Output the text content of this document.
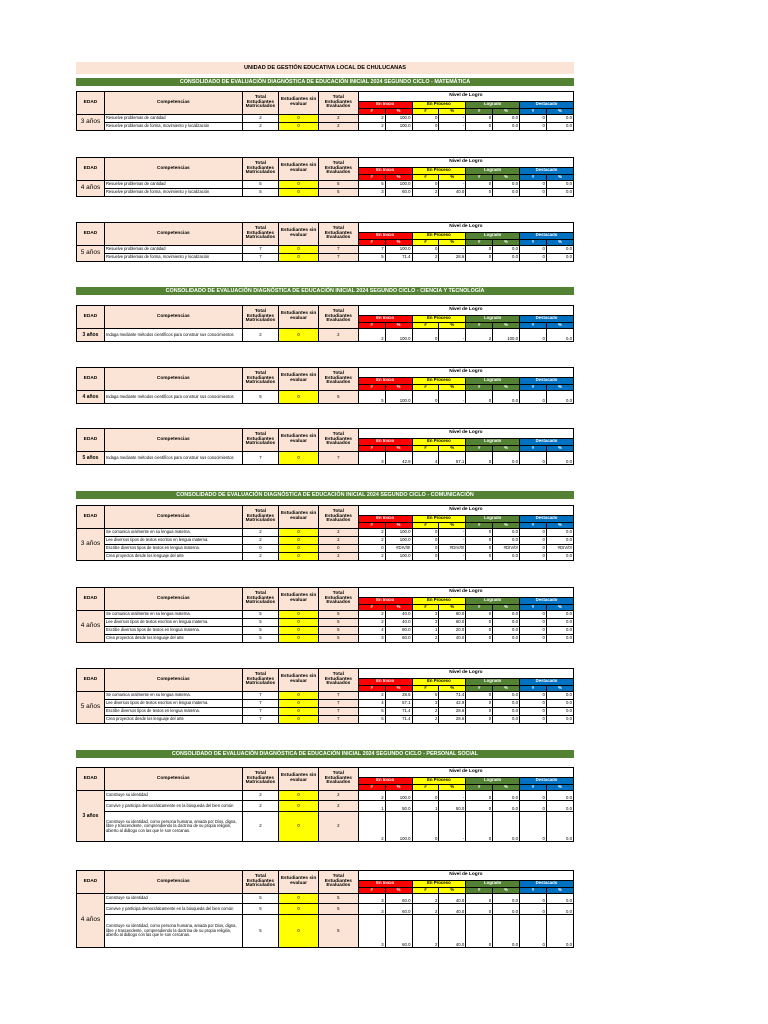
UNIDAD DE GESTIÓN EDUCATIVA LOCAL DE CHULUCANAS
CONSOLIDADO DE EVALUACIÓN DIAGNÓSTICA DE EDUCACIÓN INICIAL 2024 SEGUNDO CICLO - MATEMÁTICA
EDAD	Competencias	Total Estudiantes Matriculados	Estudiantes sin evaluar	Total Estudiantes Evaluados	Nivel de Logro							
					En Inicio		En Proceso		Logrado		Destacado	
					#	%	#	%	#	%	#	%
3 años	Resuelve problemas de cantidad	2	0	2	2	100.0	0	-	0	0.0	0	0.0
	Resuelve problemas de forma, movimiento y localización	2	0	2	2	100.0	0	-	0	0.0	0	0.0
EDAD	Competencias	Total Estudiantes Matriculados	Estudiantes sin evaluar	Total Estudiantes Evaluados	Nivel de Logro							
					En Inicio		En Proceso		Logrado		Destacado	
					#	%	#	%	#	%	#	%
4 años	Resuelve problemas de cantidad	5	0	5	5	100.0	0	-	0	0.0	0	0.0
	Resuelve problemas de forma, movimiento y localización	5	0	5	3	60.0	2	40.0	0	0.0	0	0.0
EDAD	Competencias	Total Estudiantes Matriculados	Estudiantes sin evaluar	Total Estudiantes Evaluados	Nivel de Logro							
					En Inicio		En Proceso		Logrado		Destacado	
					#	%	#	%	#	%	#	%
5 años	Resuelve problemas de cantidad	7	0	7	7	100.0	0	-	0	0.0	0	0.0
	Resuelve problemas de forma, movimiento y localización	7	0	7	5	71.4	2	28.6	0	0.0	0	0.0
CONSOLIDADO DE EVALUACIÓN DIAGNÓSTICA DE EDUCACIÓN INICIAL 2024 SEGUNDO CICLO - CIENCIA Y TECNOLOGÍA
EDAD	Competencias	Total Estudiantes Matriculados	Estudiantes sin evaluar	Total Estudiantes Evaluados	Nivel de Logro							
					En Inicio		En Proceso		Logrado		Destacado	
					#	%	#	%	#	%	#	%
3 años	Indaga mediante métodos científicos para construir sus conocimientos	2	0	2	2	100.0	0	-	2	100.0	0	0.0
EDAD	Competencias	Total Estudiantes Matriculados	Estudiantes sin evaluar	Total Estudiantes Evaluados	Nivel de Logro							
					En Inicio		En Proceso		Logrado		Destacado	
					#	%	#	%	#	%	#	%
4 años	Indaga mediante métodos científicos para construir sus conocimientos	5	0	5	5	100.0	0	-	0	0.0	0	0.0
EDAD	Competencias	Total Estudiantes Matriculados	Estudiantes sin evaluar	Total Estudiantes Evaluados	Nivel de Logro							
					En Inicio		En Proceso		Logrado		Destacado	
					#	%	#	%	#	%	#	%
5 años	Indaga mediante métodos científicos para construir sus conocimientos	7	0	7	3	42.9	4	57.1	0	0.0	0	0.0
CONSOLIDADO DE EVALUACIÓN DIAGNÓSTICA DE EDUCACIÓN INICIAL 2024 SEGUNDO CICLO - COMUNICACIÓN
EDAD	Competencias	Total Estudiantes Matriculados	Estudiantes sin evaluar	Total Estudiantes Evaluados	Nivel de Logro							
					En Inicio		En Proceso		Logrado		Destacado	
					#	%	#	%	#	%	#	%
3 años	Se comunica oralmente en su lengua materna.	2	0	2	2	100.0	0	-	0	0.0	0	0.0
	Lee diversos tipos de textos escritos en lengua materna.	2	0	2	2	100.0	0	-	0	0.0	0	0.0
	Escribe diversos tipos de textos en lengua materna.	0	0	0	0	#DIV/0!	0	#DIV/0!	0	#DIV/0!	0	#DIV/0!
	Crea proyectos desde los lenguaje del arte	2	0	2	2	100.0	0	-	0	0.0	0	0.0
EDAD	Competencias	Total Estudiantes Matriculados	Estudiantes sin evaluar	Total Estudiantes Evaluados	Nivel de Logro							
					En Inicio		En Proceso		Logrado		Destacado	
					#	%	#	%	#	%	#	%
4 años	Se comunica oralmente en su lengua materna.	5	0	5	2	40.0	3	60.0	0	0.0	0	0.0
	Lee diversos tipos de textos escritos en lengua materna.	5	0	5	2	40.0	3	60.0	0	0.0	0	0.0
	Escribe diversos tipos de textos en lengua materna.	5	0	5	4	80.0	1	20.0	0	0.0	0	0.0
	Crea proyectos desde los lenguaje del arte	5	0	5	3	60.0	2	40.0	0	0.0	0	0.0
EDAD	Competencias	Total Estudiantes Matriculados	Estudiantes sin evaluar	Total Estudiantes Evaluados	Nivel de Logro							
					En Inicio		En Proceso		Logrado		Destacado	
					#	%	#	%	#	%	#	%
5 años	Se comunica oralmente en su lengua materna.	7	0	7	2	28.6	5	71.4	0	0.0	0	0.0
	Lee diversos tipos de textos escritos en lengua materna.	7	0	7	4	57.1	3	42.9	0	0.0	0	0.0
	Escribe diversos tipos de textos en lengua materna.	7	0	7	5	71.4	2	28.6	0	0.0	0	0.0
	Crea proyectos desde los lenguaje del arte	7	0	7	5	71.4	2	28.6	0	0.0	0	0.0
CONSOLIDADO DE EVALUACIÓN DIAGNÓSTICA DE EDUCACIÓN INICIAL 2024 SEGUNDO CICLO - PERSONAL SOCIAL
EDAD	Competencias	Total Estudiantes Matriculados	Estudiantes sin evaluar	Total Estudiantes Evaluados	Nivel de Logro							
					En Inicio		En Proceso		Logrado		Destacado	
					#	%	#	%	#	%	#	%
3 años	Construye su identidad	2	0	2	2	100.0	0	-	0	0.0	0	0.0
	Convive y participa democráticamente en la búsqueda del bien común	2	0	2	1	50.0	1	50.0	0	0.0	0	0.0
	Construye su identidad, como persona humana, amada por Dios, digna, libre y trascendente, comprendiendo la doctrina de su propia religión, abierto al diálogo con las que le son cercanas.	2	0	2	2	100.0	0	-	0	0.0	0	0.0
EDAD	Competencias	Total Estudiantes Matriculados	Estudiantes sin evaluar	Total Estudiantes Evaluados	Nivel de Logro							
					En Inicio		En Proceso		Logrado		Destacado	
					#	%	#	%	#	%	#	%
4 años	Construye su identidad	5	0	5	3	60.0	2	40.0	0	0.0	0	0.0
	Convive y participa democráticamente en la búsqueda del bien común	5	0	5	3	60.0	2	40.0	0	0.0	0	0.0
	Construye su identidad, como persona humana, amada por Dios, digna, libre y trascendente, comprendiendo la doctrina de su propia religión, abierto al diálogo con las que le son cercanas.	5	0	5	3	60.0	2	40.0	0	0.0	0	0.0
